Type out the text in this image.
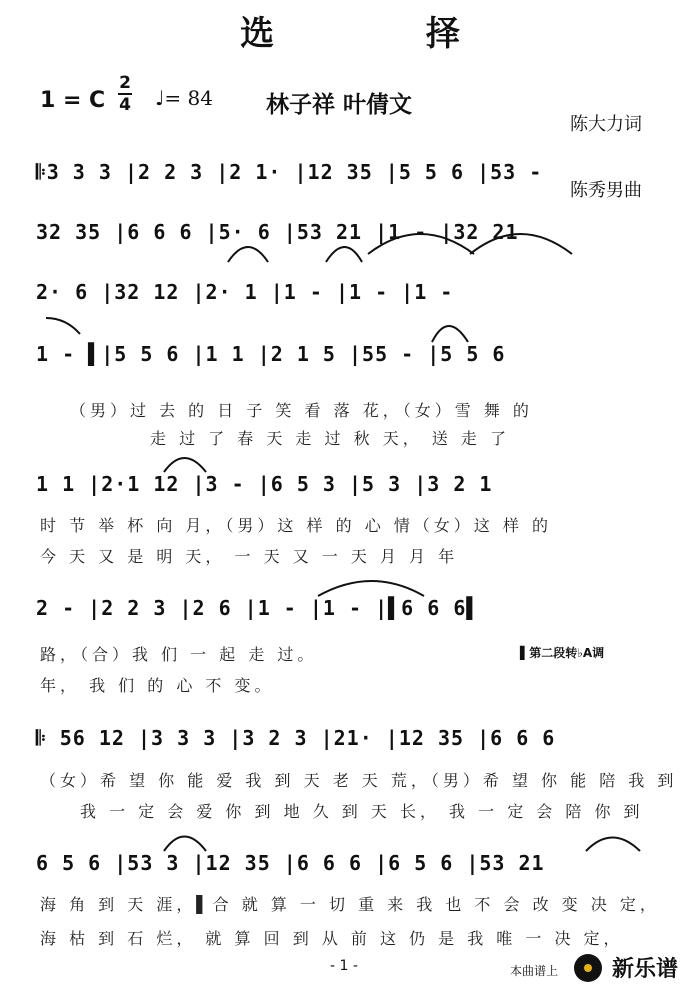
选 择
1 = C
2
4 ♩= 84 林子祥 叶倩文

陈大力词

陈秀男曲

𝄆3 3 3 |2 2 3 |2 1· |12 35 |5 5 6 |53 -
32 35 |6 6 6 |5· 6 |53 21 |1 - |32 21
2· 6 |32 12 |2· 1 |1 - |1 - |1 -
1 - ▌|5 5 6 |1 1 |2 1 5 |55 - |5 5 6
（男）过 去 的 日 子 笑 看 落 花，（女）雪 舞 的
走 过 了 春 天 走 过 秋 天， 送 走 了
1 1 |2·1 12 |3 - |6 5 3 |5 3 |3 2 1
时 节 举 杯 向 月，（男）这 样 的 心 情（女）这 样 的
今 天 又 是 明 天， 一 天 又 一 天 月 月 年
2 - |2 2 3 |2 6 |1 - |1 - |▌6 6 6▌
路，（合）我 们 一 起 走 过。
年， 我 们 的 心 不 变。
▌第二段转♭A调
𝄆 56 12 |3 3 3 |3 2 3 |21· |12 35 |6 6 6
（女）希 望 你 能 爱 我 到 天 老 天 荒，（男）希 望 你 能 陪 我 到
我 一 定 会 爱 你 到 地 久 到 天 长， 我 一 定 会 陪 你 到
6 5 6 |53 3 |12 35 |6 6 6 |6 5 6 |53 21
海 角 到 天 涯，▌合 就 算 一 切 重 来 我 也 不 会 改 变 决 定，
海 枯 到 石 烂， 就 算 回 到 从 前 这 仍 是 我 唯 一 决 定，
- 1 -	本曲谱上 新乐谱
